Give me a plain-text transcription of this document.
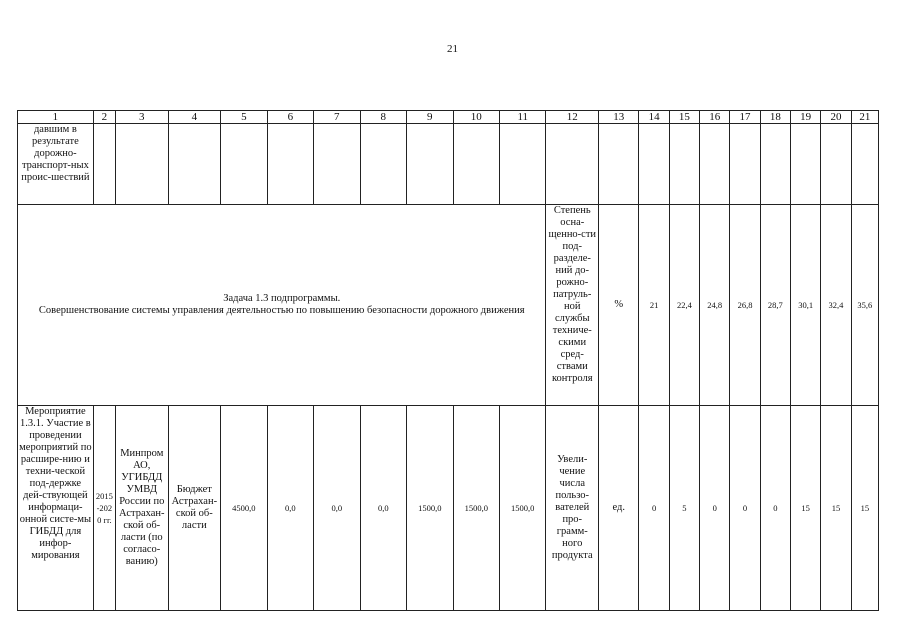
21
1	2	3	4	5	6	7	8	9	10	11	12	13	14	15	16	17	18	19	20	21
давшим в результате дорожно-транспорт-ных проис-шествий																				

Задача 1.3 подпрограммы.
Совершенствование системы управления деятельностью по повышению безопасности дорожного движения											Степень осна-щенно-сти под-разделе-ний до-рожно-патруль-ной службы техниче-скими сред-ствами контроля	%	21	22,4	24,8	26,8	28,7	30,1	32,4	35,6
Мероприятие 1.3.1. Участие в проведении мероприятий по расшире-нию и техни-ческой под-держке дей-ствующей информаци-онной систе-мы ГИБДД для инфор-мирования	2015-2020 гг.	Минпром АО, УГИБДД УМВД России по Астрахан-ской об-ласти (по согласо-ванию)	Бюджет Астрахан-ской об-ласти	4500,0	0,0	0,0	0,0	1500,0	1500,0	1500,0	Увели-чение числа пользо-вателей про-грамм-ного продукта	ед.	0	5	0	0	0	15	15	15
